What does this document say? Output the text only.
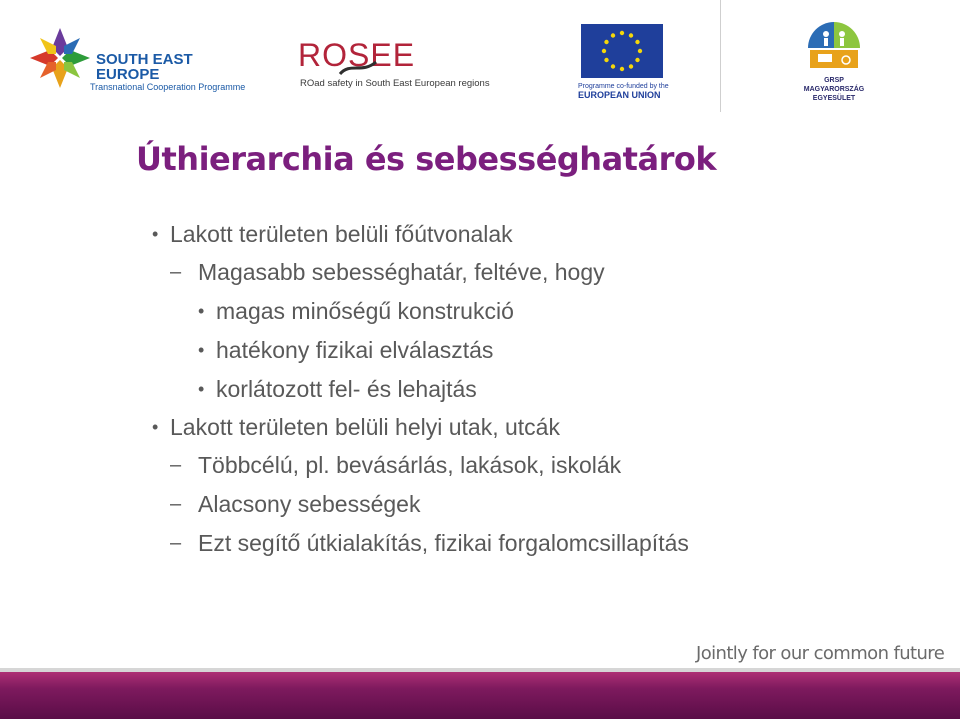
SOUTH EAST
EUROPE
Transnational Cooperation Programme
ROSEE
ROad safety in South East European regions	Programme co-funded by the
EUROPEAN UNION
GRSP
MAGYARORSZÁG
EGYESÜLET
Úthierarchia és sebességhatárok
• Lakott területen belüli főútvonalak
– Magasabb sebességhatár, feltéve, hogy
• magas minőségű konstrukció
• hatékony fizikai elválasztás
• korlátozott fel- és lehajtás
• Lakott területen belüli helyi utak, utcák
– Többcélú, pl. bevásárlás, lakások, iskolák
– Alacsony sebességek
– Ezt segítő útkialakítás, fizikai forgalomcsillapítás
Jointly for our common future
